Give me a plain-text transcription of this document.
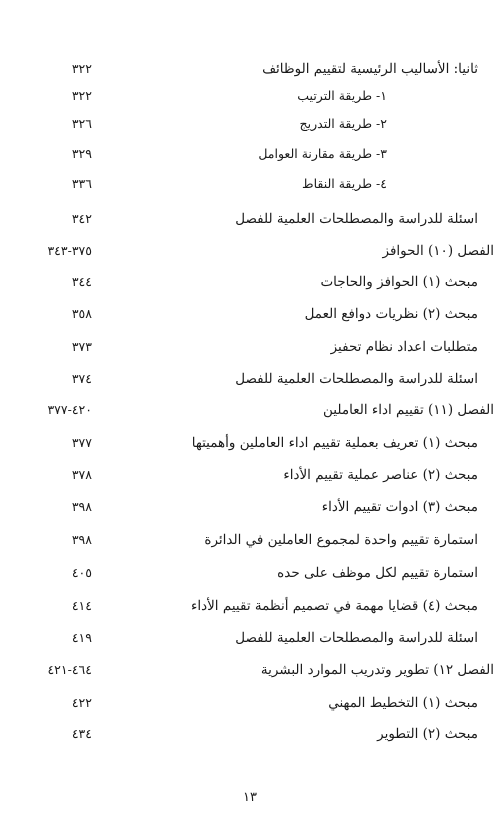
ثانيا: الأساليب الرئيسية لتقييم الوظائف
٣٢٢
١- طريقة الترتيب
٣٢٢
٢- طريقة التدريج
٣٢٦
٣- طريقة مقارنة العوامل
٣٢٩
٤- طريقة النقاط
٣٣٦
اسئلة للدراسة والمصطلحات العلمية للفصل
٣٤٢
الفصل (١٠) الحوافز
٣٧٥-٣٤٣
مبحث (١) الحوافز والحاجات
٣٤٤
مبحث (٢) نظريات دوافع العمل
٣٥٨
متطلبات اعداد نظام تحفيز
٣٧٣
اسئلة للدراسة والمصطلحات العلمية للفصل
٣٧٤
الفصل (١١) تقييم اداء العاملين
٤٢٠-٣٧٧
مبحث (١) تعريف بعملية تقييم اداء العاملين وأهميتها
٣٧٧
مبحث (٢) عناصر عملية تقييم الأداء
٣٧٨
مبحث (٣) ادوات تقييم الأداء
٣٩٨
استمارة تقييم واحدة لمجموع العاملين في الدائرة
٣٩٨
استمارة تقييم لكل موظف على حده
٤٠٥
مبحث (٤) قضايا مهمة في تصميم أنظمة تقييم الأداء
٤١٤
اسئلة للدراسة والمصطلحات العلمية للفصل
٤١٩
الفصل ١٢) تطوير وتدريب الموارد البشرية
٤٦٤-٤٢١
مبحث (١) التخطيط المهني
٤٢٢
مبحث (٢) التطوير
٤٣٤
١٣
